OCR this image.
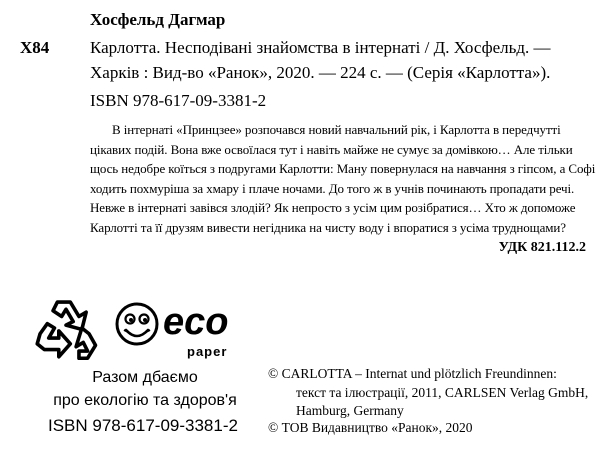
Хосфельд Дагмар
Х84 Карлотта. Несподівані знайомства в інтернаті / Д. Хосфельд. —
Харків : Вид-во «Ранок», 2020. — 224 с. — (Серія «Карлотта»).
ISBN 978-617-09-3381-2
В інтернаті «Принцзее» розпочався новий навчальний рік, і Карлотта в передчутті
цікавих подій. Вона вже освоїлася тут і навіть майже не сумує за домівкою… Але тільки
щось недобре коїться з подругами Карлотти: Ману повернулася на навчання з гіпсом, а Софі
ходить похмуріша за хмару і плаче ночами. До того ж в учнів починають пропадати речі.
Невже в інтернаті завівся злодій? Як непросто з усім цим розібратися… Хто ж допоможе
Карлотті та її друзям вивести негідника на чисту воду і впоратися з усіма труднощами?
УДК 821.112.2
eco
paper
Разом дбаємо
про екологію та здоров'я
ISBN 978-617-09-3381-2
© CARLOTTA – Internat und plötzlich Freundinnen:
текст та ілюстрації, 2011, CARLSEN Verlag GmbH,
Hamburg, Germany
© ТОВ Видавництво «Ранок», 2020
